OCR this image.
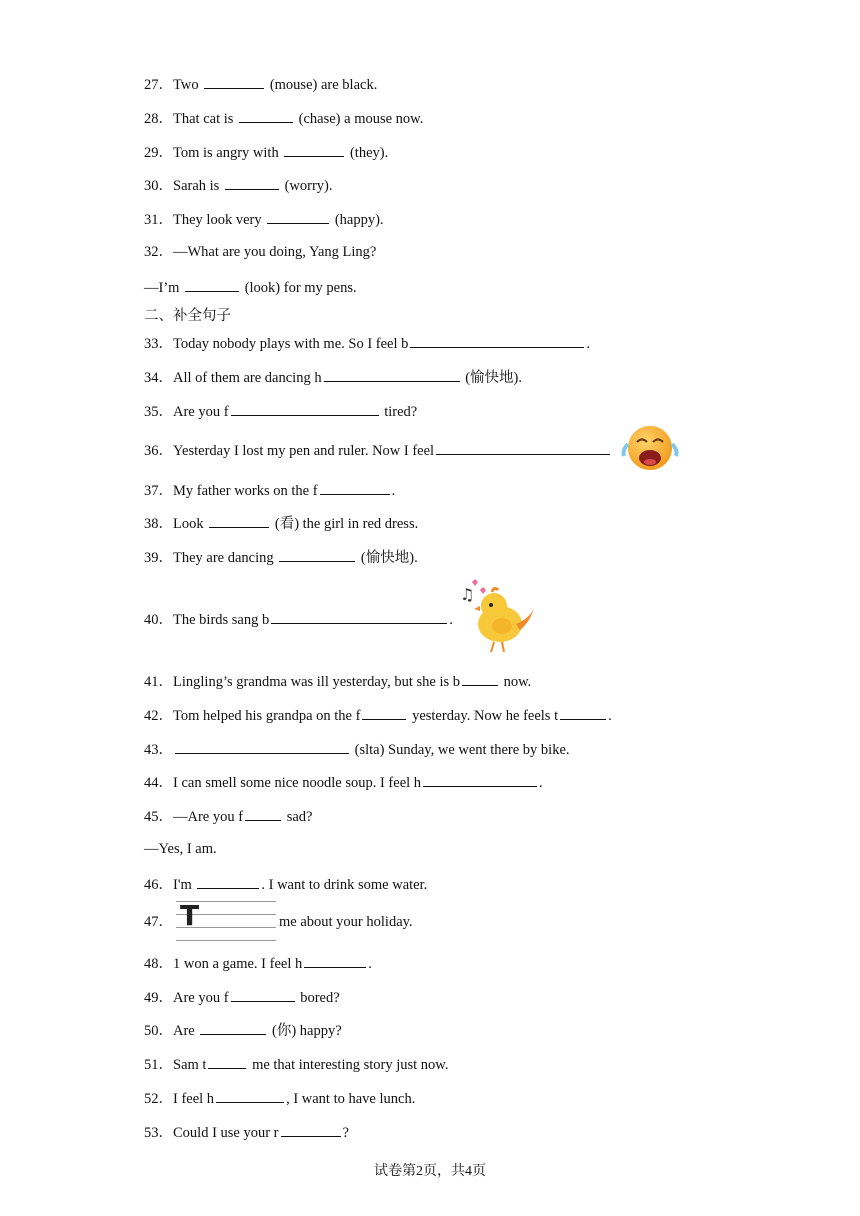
27．Two	(mouse) are black.
28．That cat is	(chase) a mouse now.
29．Tom is angry with	(they).
30．Sarah is	(worry).
31．They look very	(happy).
32．—What are you doing, Yang Ling?
—I’m	(look) for my pens.
33．Today nobody plays with me. So I feel b	.
34．All of them are dancing h	(愉快地).
35．Are you f	tired?
36．Yesterday I lost my pen and ruler. Now I feel
37．My father works on the f	.
38．Look	(看) the girl in red dress.
39．They are dancing	(愉快地).
40．The birds sang b	.
41．Lingling’s grandma was ill yesterday, but she is b	now.
42．Tom helped his grandpa on the f	yesterday. Now he feels t	.
43．	(slta) Sunday, we went there by bike.
44．I can smell some nice noodle soup. I feel h	.
45．—Are you f	sad?
—Yes, I am.
46．I'm	. I want to drink some water.
47．	me about your holiday.
48．1 won a game. I feel h	.
49．Are you f	bored?
50．Are	(你) happy?
51．Sam t	me that interesting story just now.
52．I feel h	, I want to have lunch.
53．Could I use your r	?
二、补全句子
♫
T
试卷第2页，共4页
